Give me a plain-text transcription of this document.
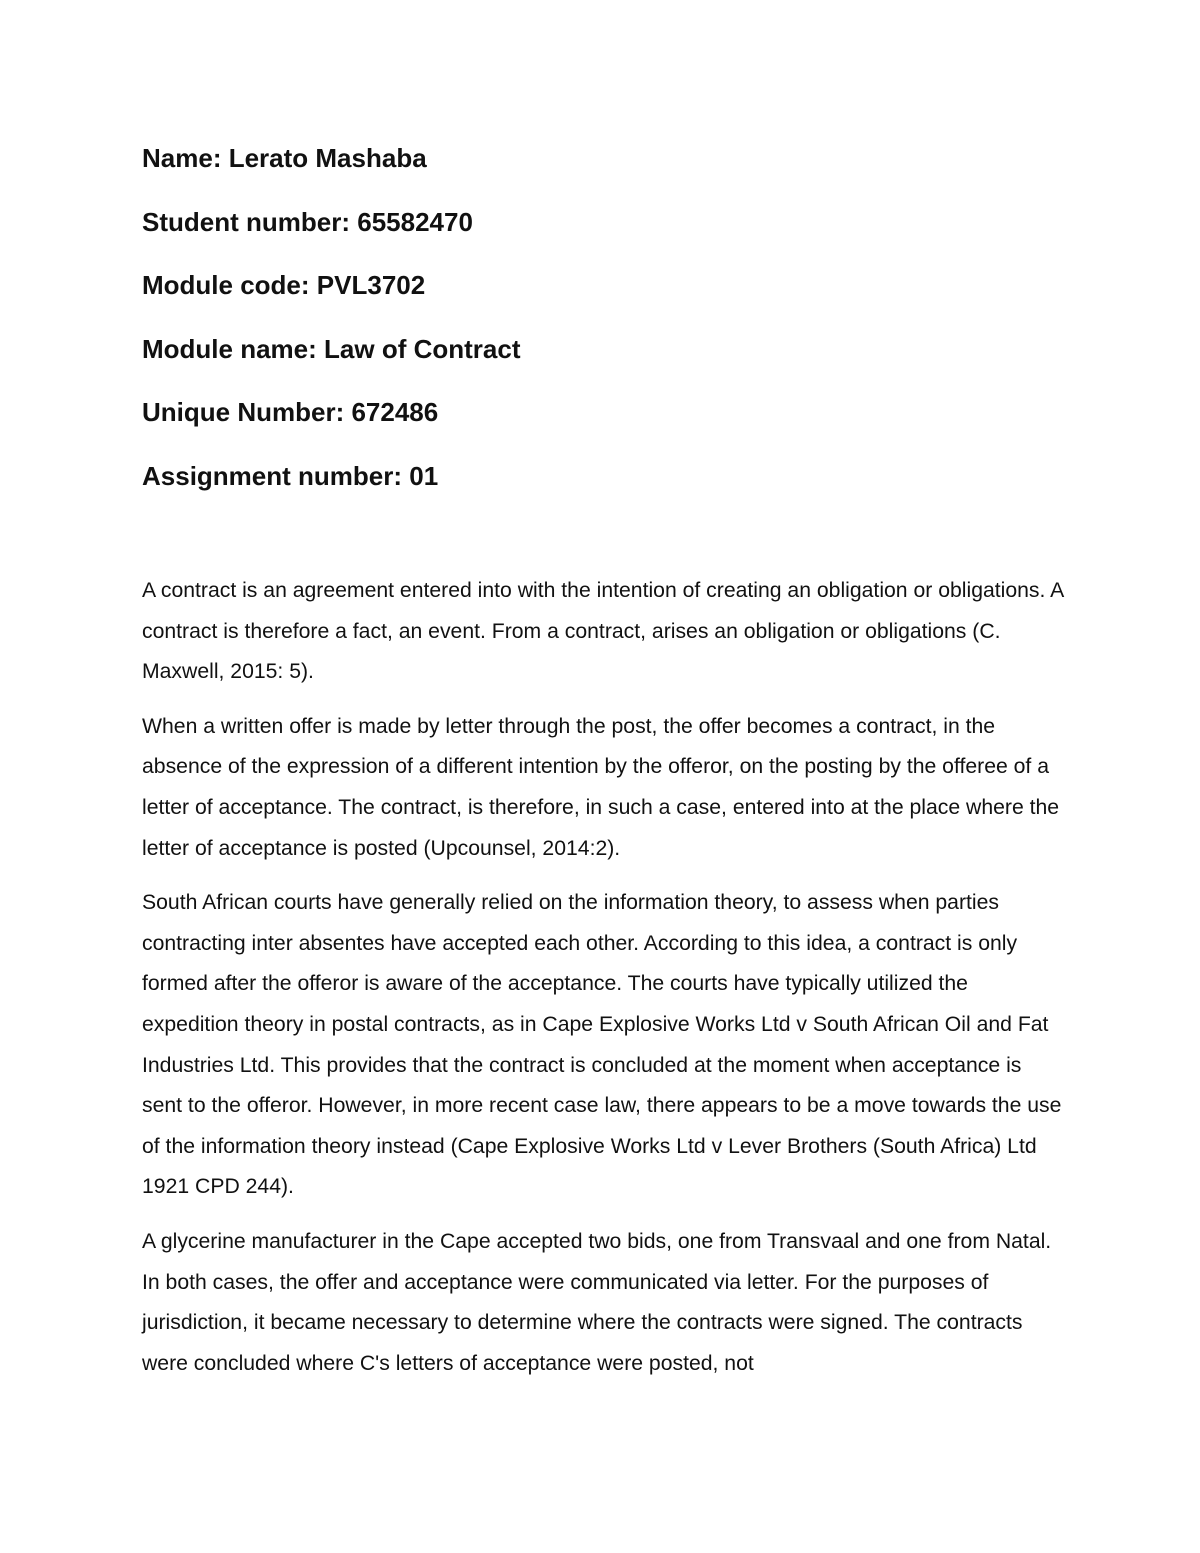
Name: Lerato Mashaba
Student number: 65582470
Module code: PVL3702
Module name: Law of Contract
Unique Number: 672486
Assignment number: 01

A contract is an agreement entered into with the intention of creating an obligation or obligations. A contract is therefore a fact, an event. From a contract, arises an obligation or obligations (C. Maxwell, 2015: 5).

When a written offer is made by letter through the post, the offer becomes a contract, in the absence of the expression of a different intention by the offeror, on the posting by the offeree of a letter of acceptance. The contract, is therefore, in such a case, entered into at the place where the letter of acceptance is posted (Upcounsel, 2014:2).

South African courts have generally relied on the information theory, to assess when parties contracting inter absentes have accepted each other. According to this idea, a contract is only formed after the offeror is aware of the acceptance. The courts have typically utilized the expedition theory in postal contracts, as in Cape Explosive Works Ltd v South African Oil and Fat Industries Ltd. This provides that the contract is concluded at the moment when acceptance is sent to the offeror. However, in more recent case law, there appears to be a move towards the use of the information theory instead (Cape Explosive Works Ltd v Lever Brothers (South Africa) Ltd 1921 CPD 244).

A glycerine manufacturer in the Cape accepted two bids, one from Transvaal and one from Natal. In both cases, the offer and acceptance were communicated via letter. For the purposes of jurisdiction, it became necessary to determine where the contracts were signed. The contracts were concluded where C's letters of acceptance were posted, not
